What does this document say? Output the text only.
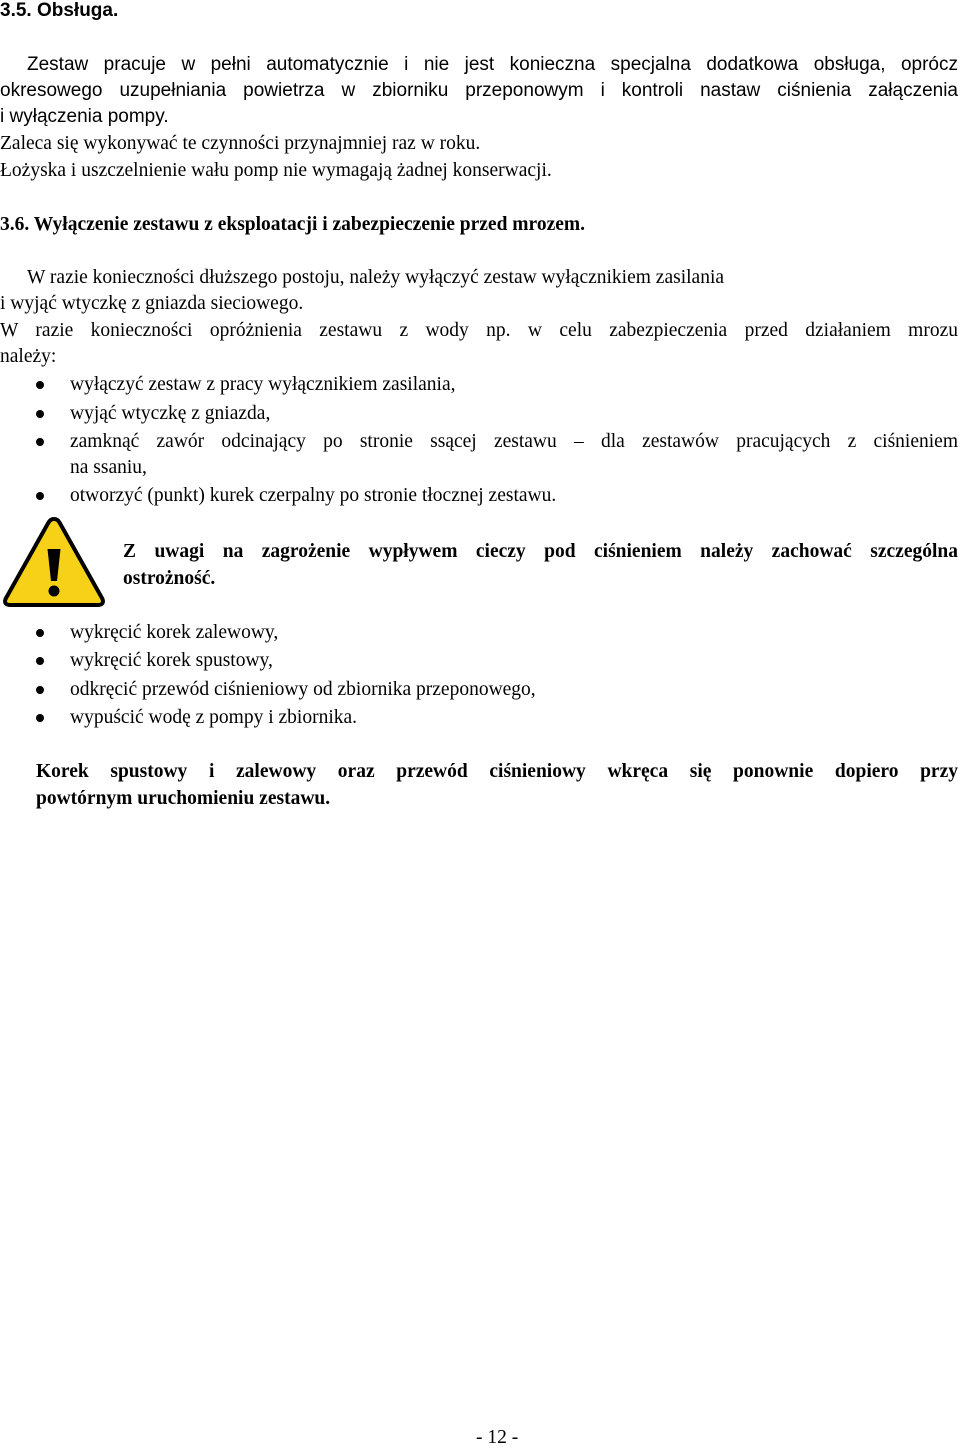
3.5. Obsługa.
Zestaw pracuje w pełni automatycznie i nie jest konieczna specjalna dodatkowa obsługa, oprócz
okresowego uzupełniania powietrza w zbiorniku przeponowym i kontroli nastaw ciśnienia załączenia
i wyłączenia pompy.
Zaleca się wykonywać te czynności przynajmniej raz w roku.
Łożyska i uszczelnienie wału pomp nie wymagają żadnej konserwacji.
3.6. Wyłączenie zestawu z eksploatacji i zabezpieczenie przed mrozem.
W razie konieczności dłuższego postoju, należy wyłączyć zestaw wyłącznikiem zasilania
i wyjąć wtyczkę z gniazda sieciowego.
W razie konieczności opróżnienia zestawu z wody np. w celu zabezpieczenia przed działaniem mrozu
należy:
wyłączyć zestaw z pracy wyłącznikiem zasilania,
wyjąć wtyczkę z gniazda,
zamknąć zawór odcinający po stronie ssącej zestawu – dla zestawów pracujących z ciśnieniem
na ssaniu,
otworzyć (punkt) kurek czerpalny po stronie tłocznej zestawu.
Z uwagi na zagrożenie wypływem cieczy pod ciśnieniem należy zachować szczególna
ostrożność.
wykręcić korek zalewowy,
wykręcić korek spustowy,
odkręcić przewód ciśnieniowy od zbiornika przeponowego,
wypuścić wodę z pompy i zbiornika.
Korek spustowy i zalewowy oraz przewód ciśnieniowy wkręca się ponownie dopiero przy
powtórnym uruchomieniu zestawu.
- 12 -
